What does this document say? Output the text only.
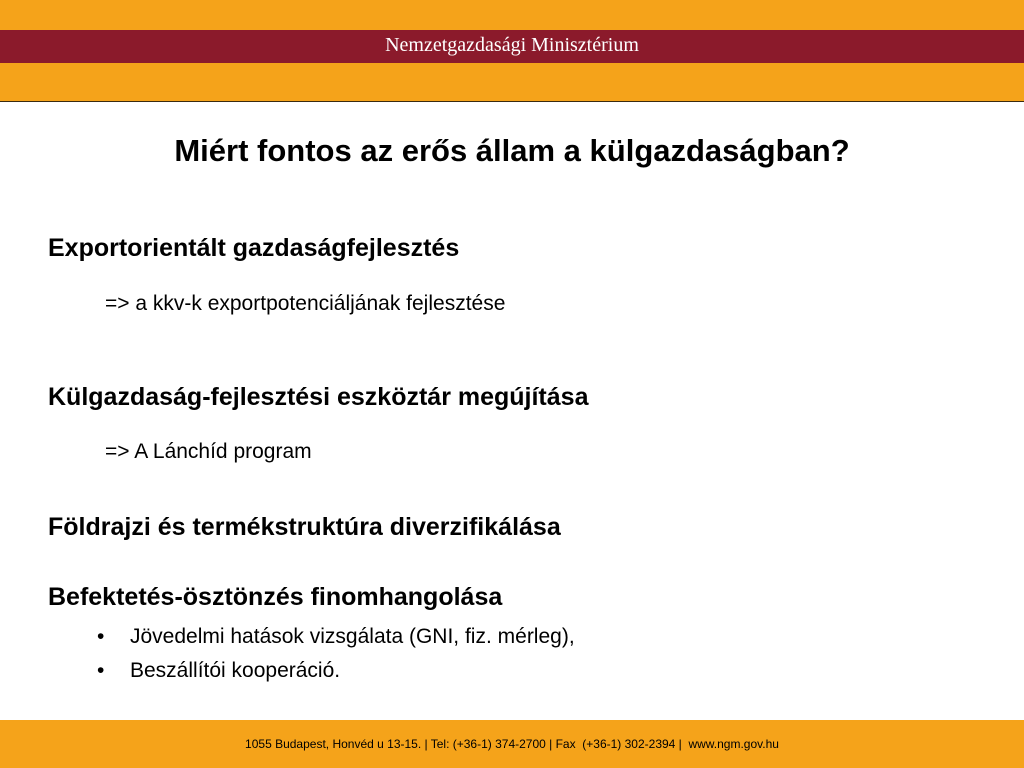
Nemzetgazdasági Minisztérium
Miért fontos az erős állam a külgazdaságban?
Exportorientált gazdaságfejlesztés
=> a kkv-k exportpotenciáljának fejlesztése
Külgazdaság-fejlesztési eszköztár megújítása
=> A Lánchíd program
Földrajzi és termékstruktúra diverzifikálása
Befektetés-ösztönzés finomhangolása
•	Jövedelmi hatások vizsgálata (GNI, fiz. mérleg),
•	Beszállítói kooperáció.
1055 Budapest, Honvéd u 13-15. | Tel: (+36-1) 374-2700 | Fax  (+36-1) 302-2394 |  www.ngm.gov.hu
